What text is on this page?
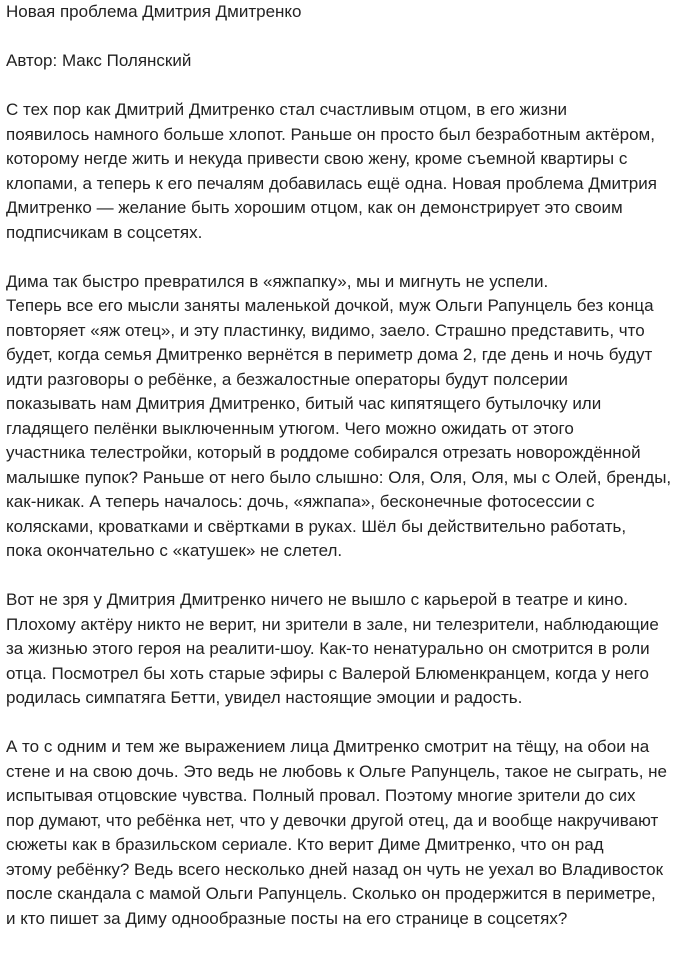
Новая проблема Дмитрия Дмитренко
Автор: Макс Полянский
С тех пор как Дмитрий Дмитренко стал счастливым отцом, в его жизни
появилось намного больше хлопот. Раньше он просто был безработным актёром,
которому негде жить и некуда привести свою жену, кроме съемной квартиры с
клопами, а теперь к его печалям добавилась ещё одна. Новая проблема Дмитрия
Дмитренко — желание быть хорошим отцом, как он демонстрирует это своим
подписчикам в соцсетях.
Дима так быстро превратился в «яжпапку», мы и мигнуть не успели.
Теперь все его мысли заняты маленькой дочкой, муж Ольги Рапунцель без конца
повторяет «яж отец», и эту пластинку, видимо, заело. Страшно представить, что
будет, когда семья Дмитренко вернётся в периметр дома 2, где день и ночь будут
идти разговоры о ребёнке, а безжалостные операторы будут полсерии
показывать нам Дмитрия Дмитренко, битый час кипятящего бутылочку или
гладящего пелёнки выключенным утюгом. Чего можно ожидать от этого
участника телестройки, который в роддоме собирался отрезать новорождённой
малышке пупок? Раньше от него было слышно: Оля, Оля, Оля, мы с Олей, бренды,
как-никак. А теперь началось: дочь, «яжпапа», бесконечные фотосессии с
колясками, кроватками и свёртками в руках. Шёл бы действительно работать,
пока окончательно с «катушек» не слетел.
Вот не зря у Дмитрия Дмитренко ничего не вышло с карьерой в театре и кино.
Плохому актёру никто не верит, ни зрители в зале, ни телезрители, наблюдающие
за жизнью этого героя на реалити-шоу. Как-то ненатурально он смотрится в роли
отца. Посмотрел бы хоть старые эфиры с Валерой Блюменкранцем, когда у него
родилась симпатяга Бетти, увидел настоящие эмоции и радость.
А то с одним и тем же выражением лица Дмитренко смотрит на тёщу, на обои на
стене и на свою дочь. Это ведь не любовь к Ольге Рапунцель, такое не сыграть, не
испытывая отцовские чувства. Полный провал. Поэтому многие зрители до сих
пор думают, что ребёнка нет, что у девочки другой отец, да и вообще накручивают
сюжеты как в бразильском сериале. Кто верит Диме Дмитренко, что он рад
этому ребёнку? Ведь всего несколько дней назад он чуть не уехал во Владивосток
после скандала с мамой Ольги Рапунцель. Сколько он продержится в периметре,
и кто пишет за Диму однообразные посты на его странице в соцсетях?
